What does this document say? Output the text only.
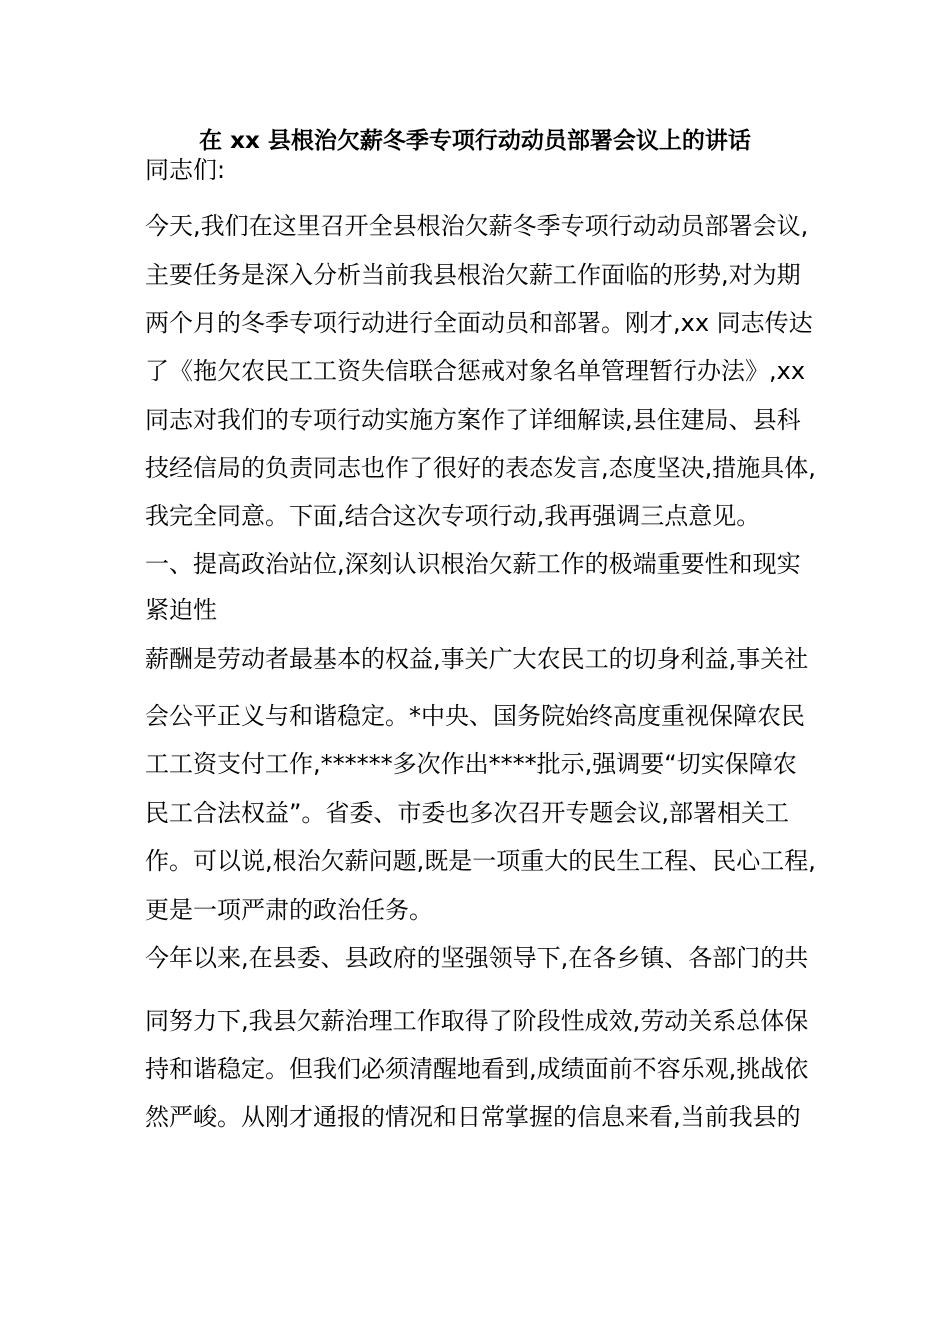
在 xx 县根治欠薪冬季专项行动动员部署会议上的讲话

同志们:

今天,我们在这里召开全县根治欠薪冬季专项行动动员部署会议,

主要任务是深入分析当前我县根治欠薪工作面临的形势,对为期

两个月的冬季专项行动进行全面动员和部署。刚才,xx 同志传达

了《拖欠农民工工资失信联合惩戒对象名单管理暂行办法》,xx

同志对我们的专项行动实施方案作了详细解读,县住建局、县科

技经信局的负责同志也作了很好的表态发言,态度坚决,措施具体,

我完全同意。下面,结合这次专项行动,我再强调三点意见。

一、提高政治站位,深刻认识根治欠薪工作的极端重要性和现实

紧迫性

薪酬是劳动者最基本的权益,事关广大农民工的切身利益,事关社

会公平正义与和谐稳定。*中央、国务院始终高度重视保障农民

工工资支付工作,******多次作出****批示,强调要“切实保障农

民工合法权益”。省委、市委也多次召开专题会议,部署相关工

作。可以说,根治欠薪问题,既是一项重大的民生工程、民心工程,

更是一项严肃的政治任务。

今年以来,在县委、县政府的坚强领导下,在各乡镇、各部门的共

同努力下,我县欠薪治理工作取得了阶段性成效,劳动关系总体保

持和谐稳定。但我们必须清醒地看到,成绩面前不容乐观,挑战依

然严峻。从刚才通报的情况和日常掌握的信息来看,当前我县的
